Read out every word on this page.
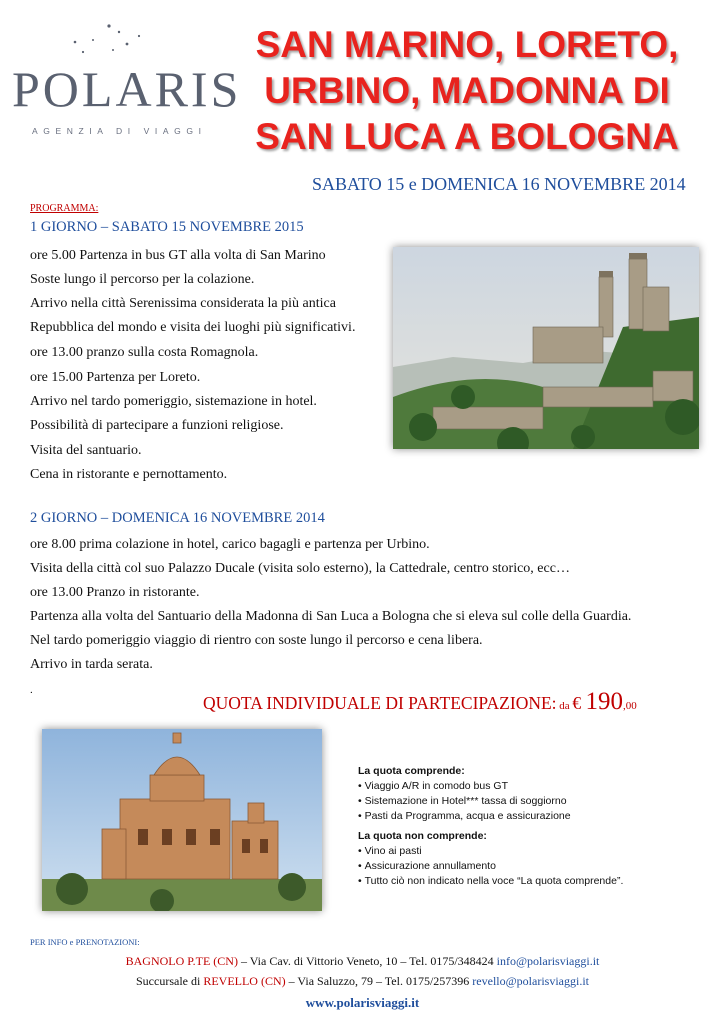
POLARIS
AGENZIA DI VIAGGI
SAN MARINO, LORETO,
URBINO, MADONNA DI
SAN LUCA A BOLOGNA
SABATO 15 e DOMENICA 16 NOVEMBRE 2014
PROGRAMMA:
1 GIORNO – SABATO 15 NOVEMBRE 2015
ore 5.00 Partenza in bus GT alla volta di San Marino
Soste lungo il percorso per la colazione.
Arrivo nella città Serenissima considerata la più antica
Repubblica del mondo e visita dei luoghi più significativi.
ore 13.00 pranzo sulla costa Romagnola.
ore 15.00 Partenza per Loreto.
Arrivo nel tardo pomeriggio, sistemazione in hotel.
Possibilità di partecipare a funzioni religiose.
Visita del santuario.
Cena in ristorante e pernottamento.
2 GIORNO – DOMENICA 16 NOVEMBRE 2014
ore 8.00 prima colazione in hotel, carico bagagli e partenza per Urbino.
Visita della città col suo Palazzo Ducale (visita solo esterno), la Cattedrale, centro storico, ecc…
ore 13.00 Pranzo in ristorante.
Partenza alla volta del Santuario della Madonna di San Luca a Bologna che si eleva sul colle della Guardia.
Nel tardo pomeriggio viaggio di rientro con soste lungo il percorso e cena libera.
Arrivo in tarda serata.
.
QUOTA INDIVIDUALE DI PARTECIPAZIONE: da € 190,00
La quota comprende:
• Viaggio A/R in comodo bus GT
• Sistemazione in Hotel*** tassa di soggiorno
• Pasti da Programma, acqua e assicurazione
La quota non comprende:
• Vino ai pasti
• Assicurazione annullamento
• Tutto ciò non indicato nella voce “La quota comprende”.
PER INFO e PRENOTAZIONI:
BAGNOLO P.TE (CN) – Via Cav. di Vittorio Veneto, 10 – Tel. 0175/348424 info@polarisviaggi.it
Succursale di REVELLO (CN) – Via Saluzzo, 79 – Tel. 0175/257396 revello@polarisviaggi.it
www.polarisviaggi.it
